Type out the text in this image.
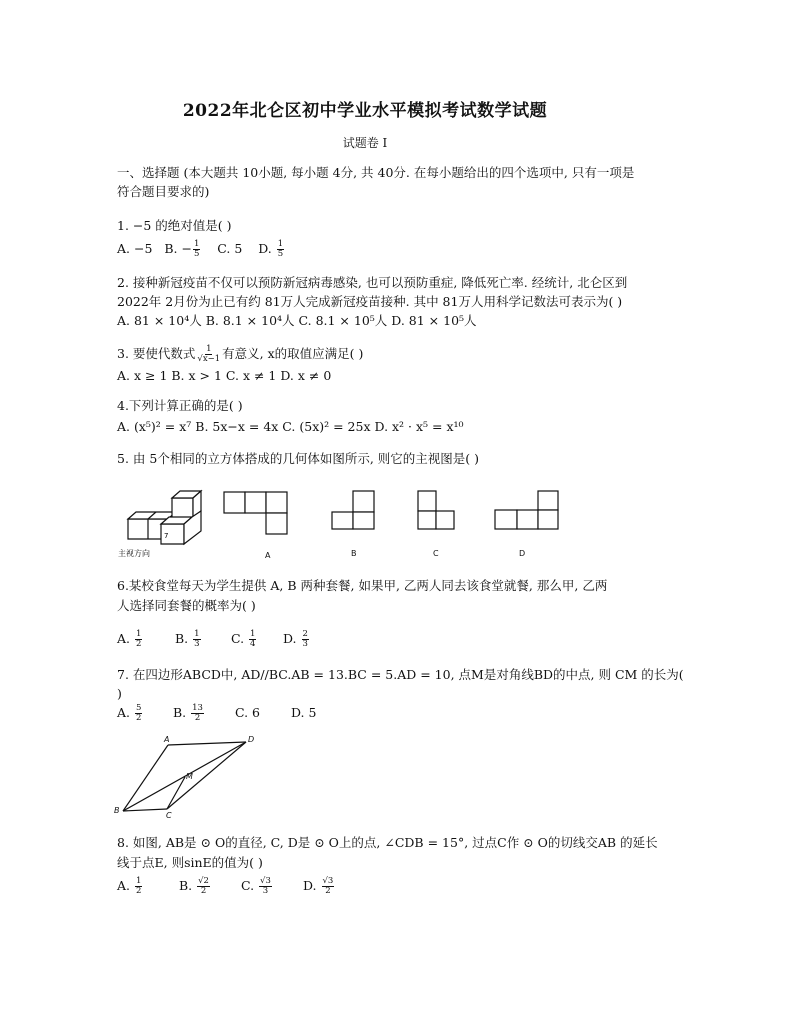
2022年北仑区初中学业水平模拟考试数学试题
试题卷 I
一、选择题 (本大题共 10小题, 每小题 4分, 共 40分. 在每小题给出的四个选项中, 只有一项是
符合题目要求的)
1. −5 的绝对值是( )
A. −5 B. − $\frac{1}{5} C$. 5 D. $\frac{1}{5}$
2. 接种新冠疫苗不仅可以预防新冠病毒感染, 也可以预防重症, 降低死亡率. 经统计, 北仑区到
2022年 2月份为止已有约 81万人完成新冠疫苗接种. 其中 81万人用科学记数法可表示为( )
A. 81 × 10⁴人 B. 8.1 × 10⁴人 C. 8.1 × 10⁵人 D. 81 × 10⁵人
3. 要使代数式 $\frac{1}{√x-1}$ 有意义, x的取值应满足( )
A. x ≥ 1 B. x > 1 C. x ≠ 1 D. x ≠ 0
4.下列计算正确的是( )
A. (x⁵)² = x⁷ B. 5x−x = 4x C. (5x)² = 25x D. x² · x⁵ = x¹⁰
5. 由 5个相同的立方体搭成的几何体如图所示, 则它的主视图是( )
7
主视方向	A	B	C	D
6.某校食堂每天为学生提供 A, B 两种套餐, 如果甲, 乙两人同去该食堂就餐, 那么甲, 乙两
人选择同套餐的概率为( )
A. $\frac{1}{2}$	B. $\frac{1}{3} C$. $\frac{1}{4} D$. $\frac{2}{3}$
7. 在四边形ABCD中, AD//BC.AB = 13.BC = 5.AD = 10, 点M是对角线BD的中点, 则 CM 的长为(
)
A. $\frac{5}{2} B$. $\frac{13}{2} C$. 6 D. 5
A	D
B
C
M
8. 如图, AB是 ⊙ O的直径, C, D是 ⊙ O上的点, ∠CDB = 15°, 过点C作 ⊙ O的切线交AB 的延长
线于点E, 则sinE的值为( )
A. $\frac{1}{2}$	B. $\frac{√2}{2} C$. $\frac{√3}{3} D$. $\frac{√3}{2}$
